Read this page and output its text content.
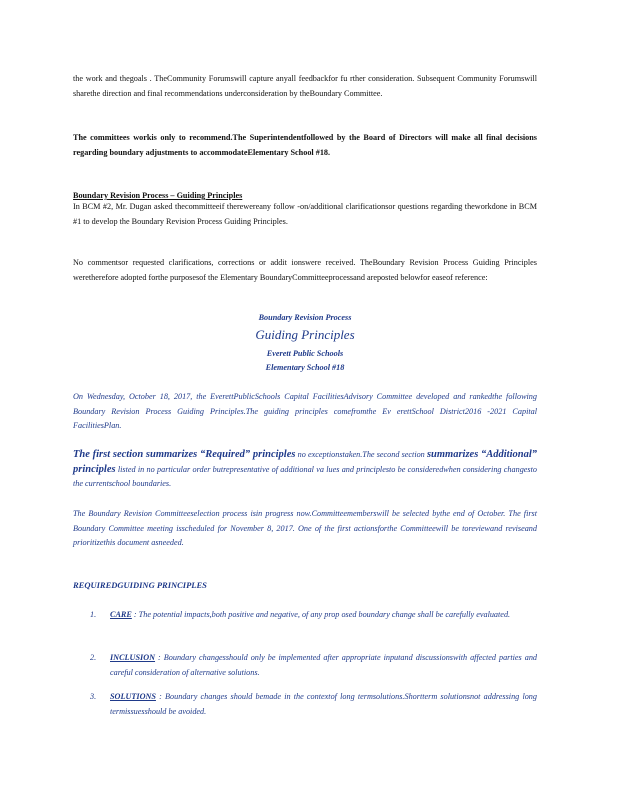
the work and thegoals . TheCommunity Forumswill capture anyall feedbackfor fu rther consideration. Subsequent Community Forumswill sharethe direction and final recommendations underconsideration by theBoundary Committee.

The committees workis only to recommend.The Superintendentfollowed by the Board of Directors will make all final decisions regarding boundary adjustments to accommodateElementary School #18.

Boundary Revision Process – Guiding Principles

In BCM #2, Mr. Dugan asked thecommitteeif therewereany follow -on/additional clarificationsor questions regarding theworkdone in BCM #1 to develop the Boundary Revision Process Guiding Principles.

No commentsor requested clarifications, corrections or addit ionswere received. TheBoundary Revision Process Guiding Principles weretherefore adopted forthe purposesof the Elementary BoundaryCommitteeprocessand areposted belowfor easeof reference:

Boundary Revision Process
Guiding Principles
Everett Public Schools
Elementary School #18

On Wednesday, October 18, 2017, the EverettPublicSchools Capital FacilitiesAdvisory Committee developed and rankedthe following Boundary Revision Process Guiding Principles.The guiding principles comefromthe Ev erettSchool District2016 -2021 Capital FacilitiesPlan.

The first section summarizes “Required” principles no exceptionstaken.The second section summarizes “Additional” principles listed in no particular order butrepresentative of additional va lues and principlesto be consideredwhen considering changesto the currentschool boundaries.

The Boundary Revision Committeeselection process isin progress now.Committeememberswill be selected bythe end of October. The first Boundary Committee meeting isscheduled for November 8, 2017. One of the first actionsforthe Committeewill be toreviewand reviseand prioritizethis document asneeded.

REQUIREDGUIDING PRINCIPLES
1.	CARE : The potential impacts,both positive and negative, of any prop osed boundary change shall be carefully evaluated.
2.	INCLUSION : Boundary changesshould only be implemented after appropriate inputand discussionswith affected parties and careful consideration of alternative solutions.
3.	SOLUTIONS : Boundary changes should bemade in the contextof long termsolutions.Shortterm solutionsnot addressing long termissuesshould be avoided.
